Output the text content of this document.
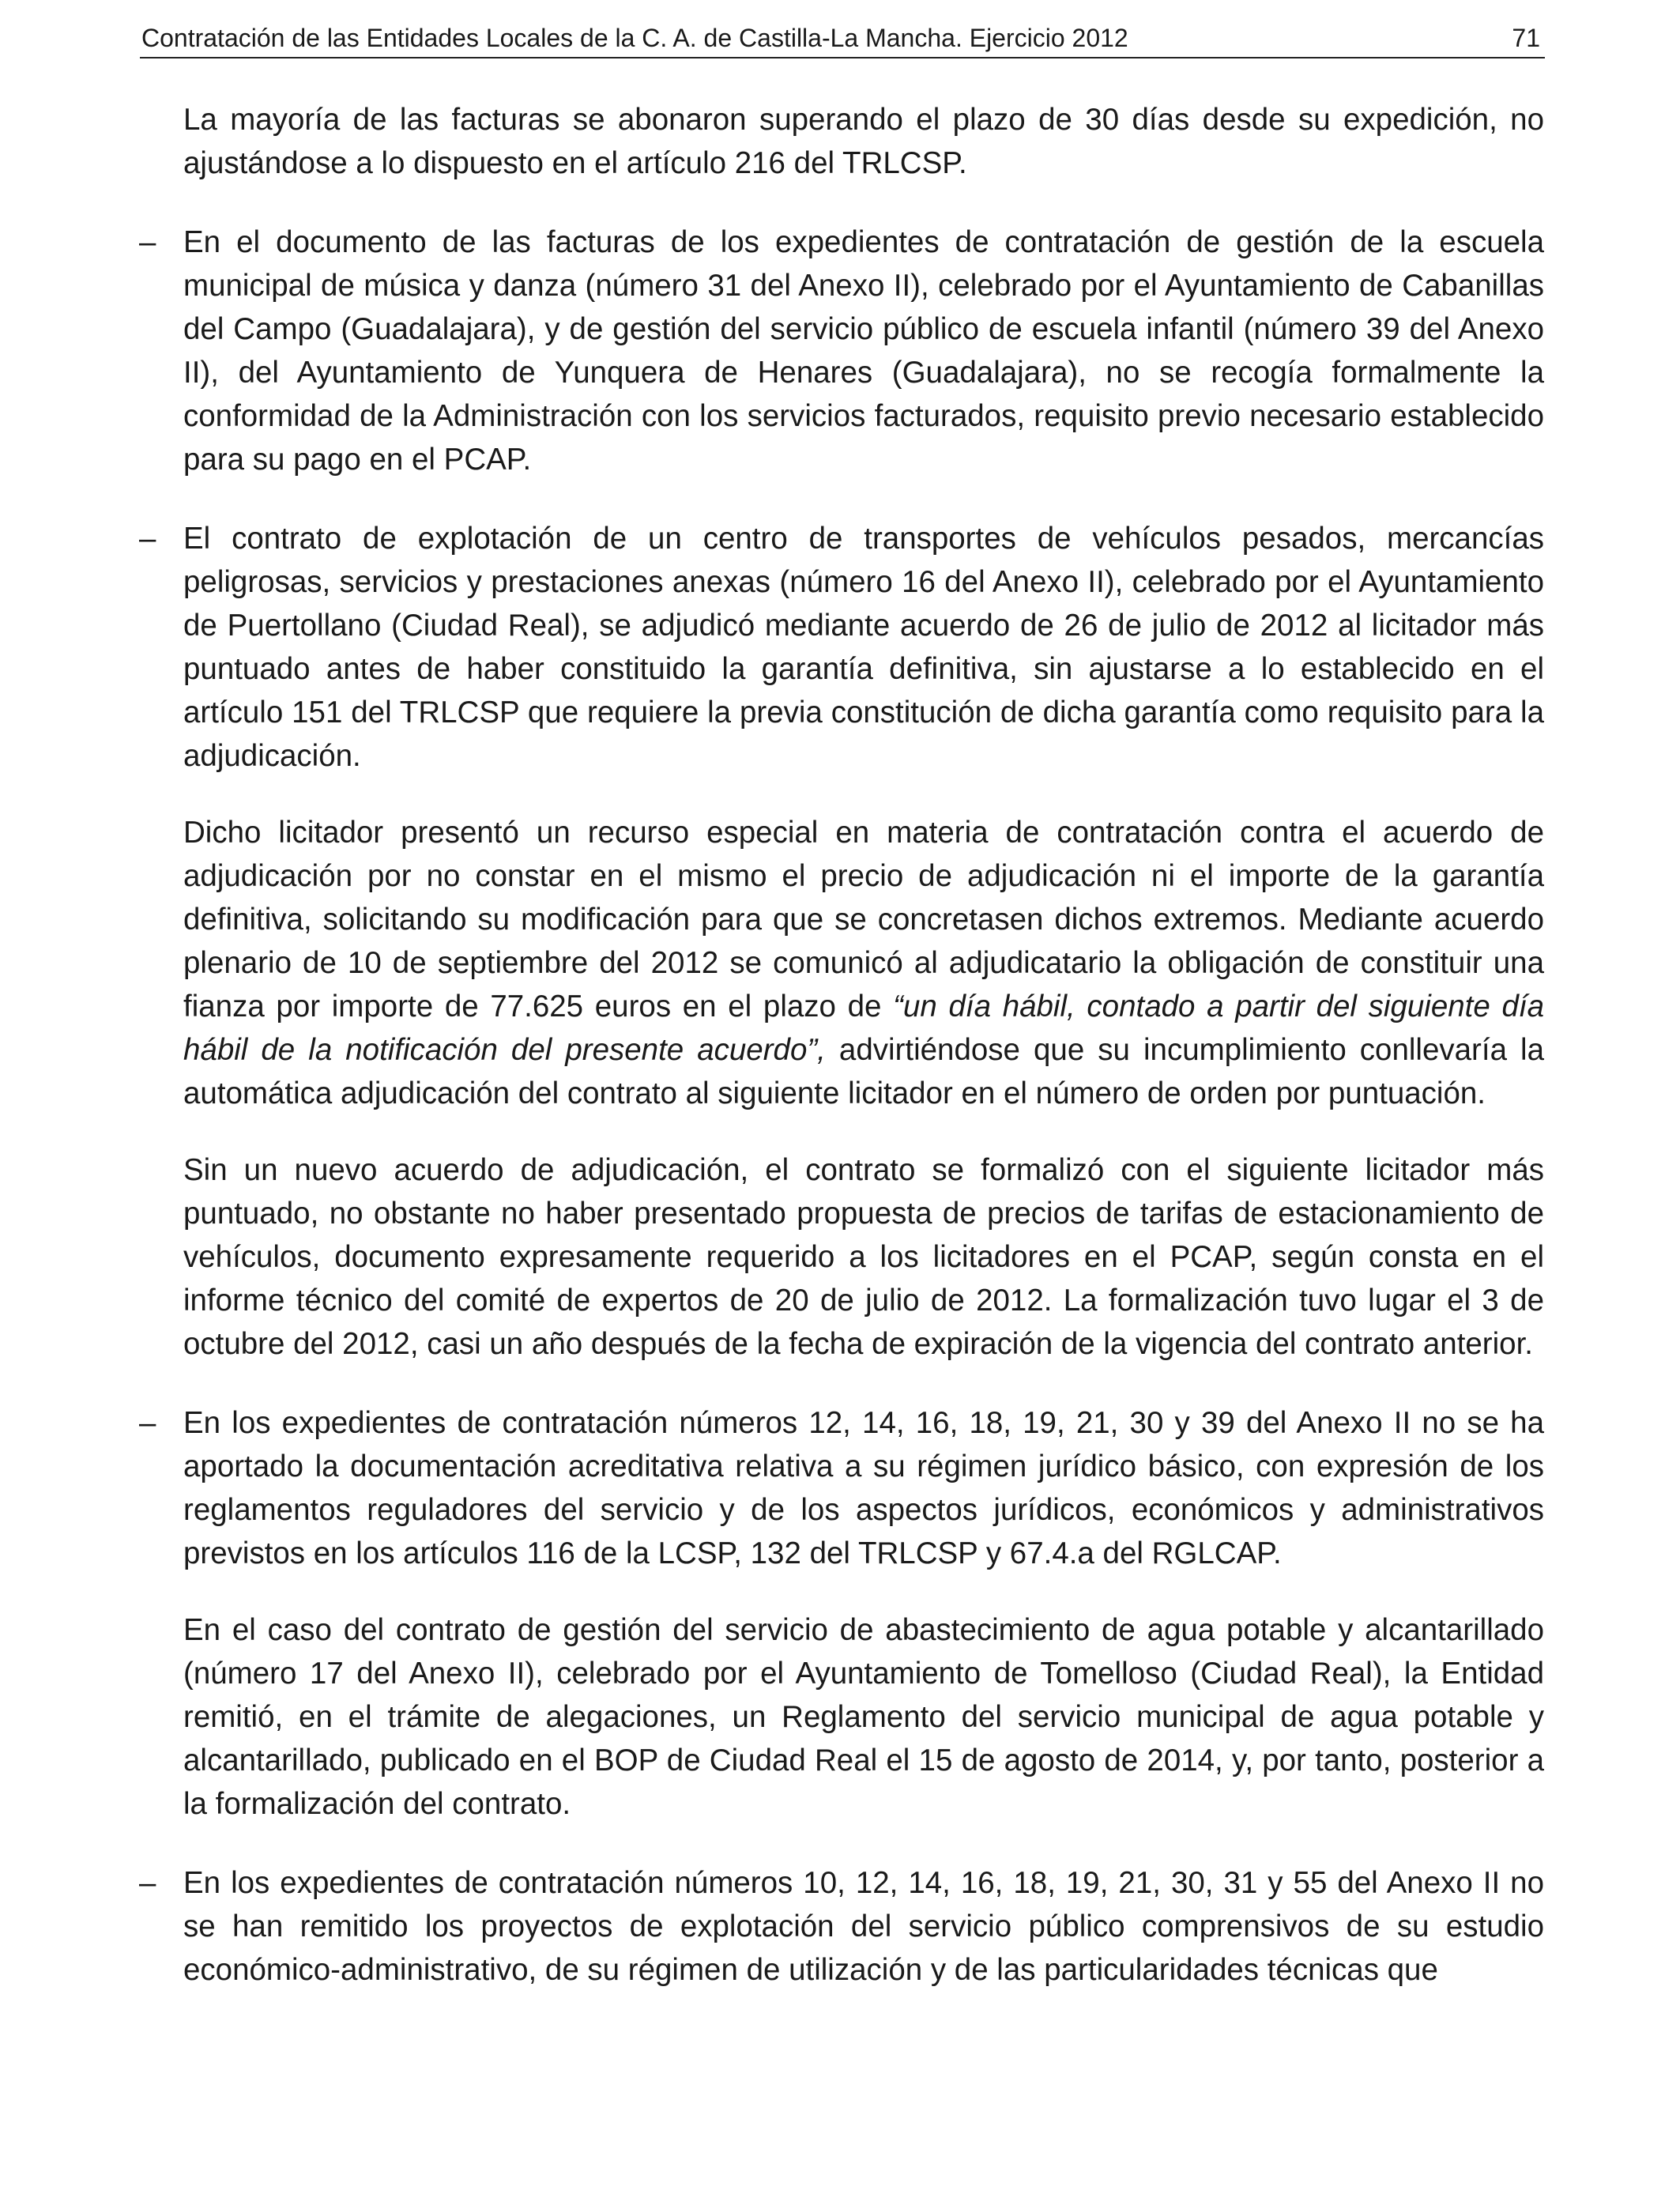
Contratación de las Entidades Locales de la C. A. de Castilla-La Mancha. Ejercicio 2012	71

La mayoría de las facturas se abonaron superando el plazo de 30 días desde su expedición, no ajustándose a lo dispuesto en el artículo 216 del TRLCSP.

– En el documento de las facturas de los expedientes de contratación de gestión de la escuela municipal de música y danza (número 31 del Anexo II), celebrado por el Ayuntamiento de Cabanillas del Campo (Guadalajara), y de gestión del servicio público de escuela infantil (número 39 del Anexo II), del Ayuntamiento de Yunquera de Henares (Guadalajara), no se recogía formalmente la conformidad de la Administración con los servicios facturados, requisito previo necesario establecido para su pago en el PCAP.

– El contrato de explotación de un centro de transportes de vehículos pesados, mercancías peligrosas, servicios y prestaciones anexas (número 16 del Anexo II), celebrado por el Ayuntamiento de Puertollano (Ciudad Real), se adjudicó mediante acuerdo de 26 de julio de 2012 al licitador más puntuado antes de haber constituido la garantía definitiva, sin ajustarse a lo establecido en el artículo 151 del TRLCSP que requiere la previa constitución de dicha garantía como requisito para la adjudicación.

Dicho licitador presentó un recurso especial en materia de contratación contra el acuerdo de adjudicación por no constar en el mismo el precio de adjudicación ni el importe de la garantía definitiva, solicitando su modificación para que se concretasen dichos extremos. Mediante acuerdo plenario de 10 de septiembre del 2012 se comunicó al adjudicatario la obligación de constituir una fianza por importe de 77.625 euros en el plazo de “un día hábil, contado a partir del siguiente día hábil de la notificación del presente acuerdo”, advirtiéndose que su incumplimiento conllevaría la automática adjudicación del contrato al siguiente licitador en el número de orden por puntuación.

Sin un nuevo acuerdo de adjudicación, el contrato se formalizó con el siguiente licitador más puntuado, no obstante no haber presentado propuesta de precios de tarifas de estacionamiento de vehículos, documento expresamente requerido a los licitadores en el PCAP, según consta en el informe técnico del comité de expertos de 20 de julio de 2012. La formalización tuvo lugar el 3 de octubre del 2012, casi un año después de la fecha de expiración de la vigencia del contrato anterior.

– En los expedientes de contratación números 12, 14, 16, 18, 19, 21, 30 y 39 del Anexo II no se ha aportado la documentación acreditativa relativa a su régimen jurídico básico, con expresión de los reglamentos reguladores del servicio y de los aspectos jurídicos, económicos y administrativos previstos en los artículos 116 de la LCSP, 132 del TRLCSP y 67.4.a del RGLCAP.

En el caso del contrato de gestión del servicio de abastecimiento de agua potable y alcantarillado (número 17 del Anexo II), celebrado por el Ayuntamiento de Tomelloso (Ciudad Real), la Entidad remitió, en el trámite de alegaciones, un Reglamento del servicio municipal de agua potable y alcantarillado, publicado en el BOP de Ciudad Real el 15 de agosto de 2014, y, por tanto, posterior a la formalización del contrato.

– En los expedientes de contratación números 10, 12, 14, 16, 18, 19, 21, 30, 31 y 55 del Anexo II no se han remitido los proyectos de explotación del servicio público comprensivos de su estudio económico-administrativo, de su régimen de utilización y de las particularidades técnicas que
